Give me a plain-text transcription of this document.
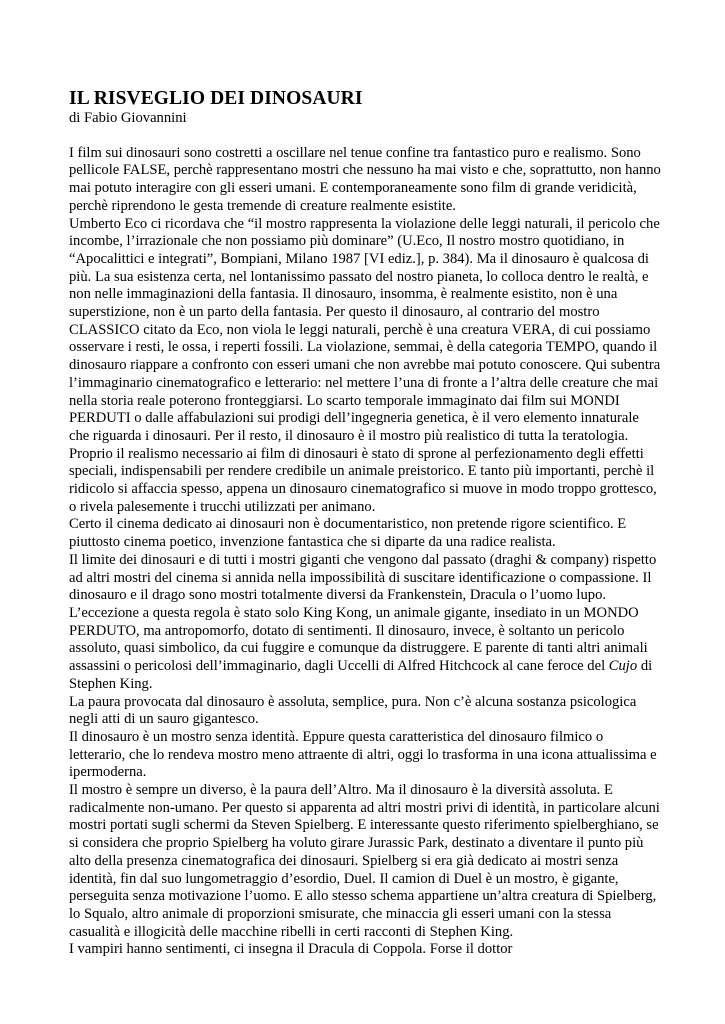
IL RISVEGLIO DEI DINOSAURI
di Fabio Giovannini

I film sui dinosauri sono costretti a oscillare nel tenue confine tra fantastico puro e realismo. Sono pellicole FALSE, perchè rappresentano mostri che nessuno ha mai visto e che, soprattutto, non hanno mai potuto interagire con gli esseri umani. E contemporaneamente sono film di grande veridicità, perchè riprendono le gesta tremende di creature realmente esistite.

Umberto Eco ci ricordava che “il mostro rappresenta la violazione delle leggi naturali, il pericolo che incombe, l’irrazionale che non possiamo più dominare” (U.Eco, Il nostro mostro quotidiano, in “Apocalittici e integrati”, Bompiani, Milano 1987 [VI ediz.], p. 384). Ma il dinosauro è qualcosa di più. La sua esistenza certa, nel lontanissimo passato del nostro pianeta, lo colloca dentro le realtà, e non nelle immaginazioni della fantasia. Il dinosauro, insomma, è realmente esistito, non è una superstizione, non è un parto della fantasia. Per questo il dinosauro, al contrario del mostro CLASSICO citato da Eco, non viola le leggi naturali, perchè è una creatura VERA, di cui possiamo osservare i resti, le ossa, i reperti fossili. La violazione, semmai, è della categoria TEMPO, quando il dinosauro riappare a confronto con esseri umani che non avrebbe mai potuto conoscere. Qui subentra l’immaginario cinematografico e letterario: nel mettere l’una di fronte a l’altra delle creature che mai nella storia reale poterono fronteggiarsi. Lo scarto temporale immaginato dai film sui MONDI PERDUTI o dalle affabulazioni sui prodigi dell’ingegneria genetica, è il vero elemento innaturale che riguarda i dinosauri. Per il resto, il dinosauro è il mostro più realistico di tutta la teratologia.

Proprio il realismo necessario ai film di dinosauri è stato di sprone al perfezionamento degli effetti speciali, indispensabili per rendere credibile un animale preistorico. E tanto più importanti, perchè il ridicolo si affaccia spesso, appena un dinosauro cinematografico si muove in modo troppo grottesco, o rivela palesemente i trucchi utilizzati per animano.

Certo il cinema dedicato ai dinosauri non è documentaristico, non pretende rigore scientifico. E piuttosto cinema poetico, invenzione fantastica che si diparte da una radice realista.

Il limite dei dinosauri e di tutti i mostri giganti che vengono dal passato (draghi & company) rispetto ad altri mostri del cinema si annida nella impossibilità di suscitare identificazione o compassione. Il dinosauro e il drago sono mostri totalmente diversi da Frankenstein, Dracula o l’uomo lupo.

L’eccezione a questa regola è stato solo King Kong, un animale gigante, insediato in un MONDO PERDUTO, ma antropomorfo, dotato di sentimenti. Il dinosauro, invece, è soltanto un pericolo assoluto, quasi simbolico, da cui fuggire e comunque da distruggere. E parente di tanti altri animali assassini o pericolosi dell’immaginario, dagli Uccelli di Alfred Hitchcock al cane feroce del Cujo di Stephen King.

La paura provocata dal dinosauro è assoluta, semplice, pura. Non c’è alcuna sostanza psicologica negli atti di un sauro gigantesco.

Il dinosauro è un mostro senza identità. Eppure questa caratteristica del dinosauro filmico o letterario, che lo rendeva mostro meno attraente di altri, oggi lo trasforma in una icona attualissima e ipermoderna.

Il mostro è sempre un diverso, è la paura dell’Altro. Ma il dinosauro è la diversità assoluta. E radicalmente non-umano. Per questo si apparenta ad altri mostri privi di identità, in particolare alcuni mostri portati sugli schermi da Steven Spielberg. E interessante questo riferimento spielberghiano, se si considera che proprio Spielberg ha voluto girare Jurassic Park, destinato a diventare il punto più alto della presenza cinematografica dei dinosauri. Spielberg si era già dedicato ai mostri senza identità, fin dal suo lungometraggio d’esordio, Duel. Il camion di Duel è un mostro, è gigante, perseguita senza motivazione l’uomo. E allo stesso schema appartiene un’altra creatura di Spielberg, lo Squalo, altro animale di proporzioni smisurate, che minaccia gli esseri umani con la stessa casualità e illogicità delle macchine ribelli in certi racconti di Stephen King.

I vampiri hanno sentimenti, ci insegna il Dracula di Coppola. Forse il dottor
